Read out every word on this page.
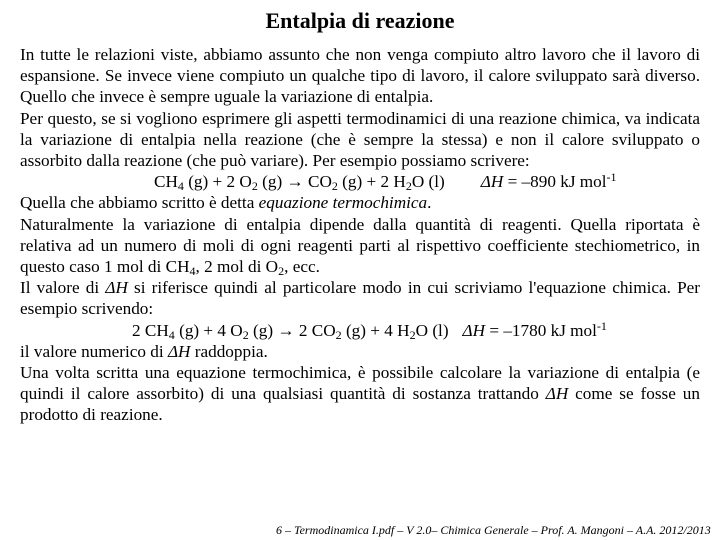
Entalpia di reazione

In tutte le relazioni viste, abbiamo assunto che non venga compiuto altro lavoro che il lavoro di espansione. Se invece viene compiuto un qualche tipo di lavoro, il calore sviluppato sarà diverso. Quello che invece è sempre uguale la variazione di entalpia.

Per questo, se si vogliono esprimere gli aspetti termodinamici di una reazione chimica, va indicata la variazione di entalpia nella reazione (che è sempre la stessa) e non il calore sviluppato o assorbito dalla reazione (che può variare). Per esempio possiamo scrivere:

$CH_4$ (g) + 2 $O_2$ $(g) \to CO_2$ (g) + 2 $H_2O$ (l) ΔH = –890 kJ mol$^{-1}$

Quella che abbiamo scritto è detta equazione termochimica.

Naturalmente la variazione di entalpia dipende dalla quantità di reagenti. Quella riportata è relativa ad un numero di moli di ogni reagenti parti al rispettivo coefficiente stechiometrico, in questo caso 1 mol di $CH_4$, 2 mol di $O_2$, ecc.

Il valore di ΔH si riferisce quindi al particolare modo in cui scriviamo l'equazione chimica. Per esempio scrivendo:

2 $CH_4$ (g) + 4 $O_2$ (g) → 2 $CO_2$ (g) + 4 $H_2O$ (l) ΔH = –1780 kJ mol$^{-1}$

il valore numerico di ΔH raddoppia.

Una volta scritta una equazione termochimica, è possibile calcolare la variazione di entalpia (e quindi il calore assorbito) di una qualsiasi quantità di sostanza trattando ΔH come se fosse un prodotto di reazione.

6 – Termodinamica I.pdf – V 2.0– Chimica Generale – Prof. A. Mangoni – A.A. 2012/2013
